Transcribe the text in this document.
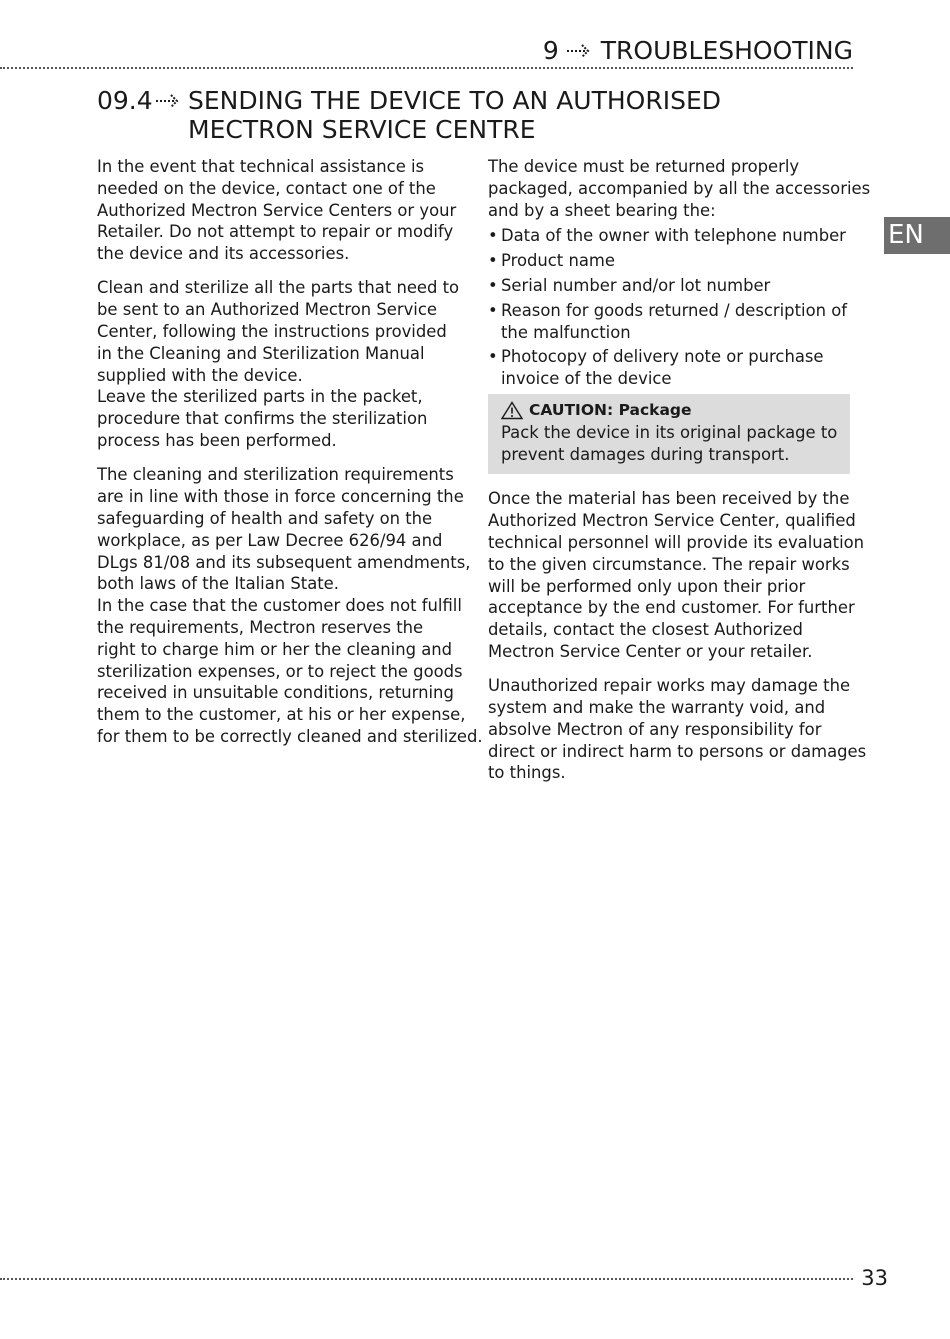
9 TROUBLESHOOTING
09.4 SENDING THE DEVICE TO AN AUTHORISED
MECTRON SERVICE CENTRE

In the event that technical assistance is
needed on the device, contact one of the
Authorized Mectron Service Centers or your
Retailer. Do not attempt to repair or modify
the device and its accessories.

Clean and sterilize all the parts that need to
be sent to an Authorized Mectron Service
Center, following the instructions provided
in the Cleaning and Sterilization Manual
supplied with the device.
Leave the sterilized parts in the packet,
procedure that confirms the sterilization
process has been performed.

The cleaning and sterilization requirements
are in line with those in force concerning the
safeguarding of health and safety on the
workplace, as per Law Decree 626/94 and
DLgs 81/08 and its subsequent amendments,
both laws of the Italian State.
In the case that the customer does not fulfill
the requirements, Mectron reserves the
right to charge him or her the cleaning and
sterilization expenses, or to reject the goods
received in unsuitable conditions, returning
them to the customer, at his or her expense,
for them to be correctly cleaned and sterilized.

The device must be returned properly
packaged, accompanied by all the accessories
and by a sheet bearing the:
• Data of the owner with telephone number
• Product name
• Serial number and/or lot number
• Reason for goods returned / description of
the malfunction
• Photocopy of delivery note or purchase
invoice of the device
CAUTION: Package
Pack the device in its original package to
prevent damages during transport.

Once the material has been received by the
Authorized Mectron Service Center, qualified
technical personnel will provide its evaluation
to the given circumstance. The repair works
will be performed only upon their prior
acceptance by the end customer. For further
details, contact the closest Authorized
Mectron Service Center or your retailer.

Unauthorized repair works may damage the
system and make the warranty void, and
absolve Mectron of any responsibility for
direct or indirect harm to persons or damages
to things.

EN
33
